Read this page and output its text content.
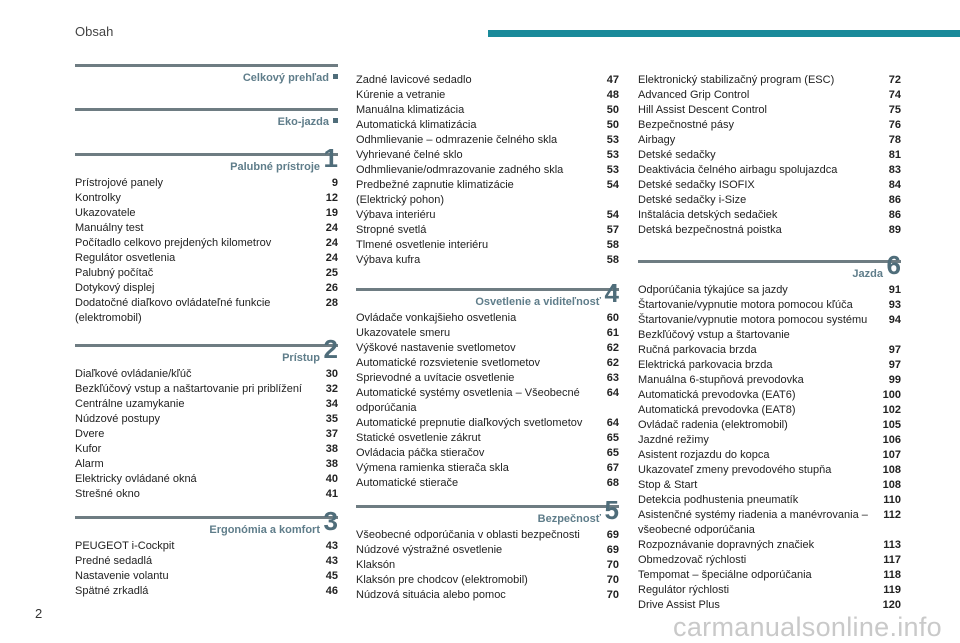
Obsah
Celkový prehľad
Eko-jazda
Palubné prístroje 1
Prístrojové panely	9
Kontrolky	12
Ukazovatele	19
Manuálny test	24
Počítadlo celkovo prejdených kilometrov	24
Regulátor osvetlenia	24
Palubný počítač	25
Dotykový displej	26
Dodatočné diaľkovo ovládateľné funkcie
(elektromobil)
28
Prístup 2
Diaľkové ovládanie/kľúč	30
Bezkľúčový vstup a naštartovanie pri priblížení	32
Centrálne uzamykanie	34
Núdzové postupy	35
Dvere	37
Kufor	38
Alarm	38
Elektricky ovládané okná	40
Strešné okno	41
Ergonómia a komfort 3
PEUGEOT i-Cockpit	43
Predné sedadlá	43
Nastavenie volantu	45
Spätné zrkadlá	46
Zadné lavicové sedadlo	47
Kúrenie a vetranie	48
Manuálna klimatizácia	50
Automatická klimatizácia	50
Odhmlievanie – odmrazenie čelného skla	53
Vyhrievané čelné sklo	53
Odhmlievanie/odmrazovanie zadného skla	53
Predbežné zapnutie klimatizácie
(Elektrický pohon)
54
Výbava interiéru	54
Stropné svetlá	57
Tlmené osvetlenie interiéru	58
Výbava kufra	58
Osvetlenie a viditeľnosť 4
Ovládače vonkajšieho osvetlenia	60
Ukazovatele smeru	61
Výškové nastavenie svetlometov	62
Automatické rozsvietenie svetlometov	62
Sprievodné a uvítacie osvetlenie	63
Automatické systémy osvetlenia – Všeobecné
odporúčania
64
Automatické prepnutie diaľkových svetlometov	64
Statické osvetlenie zákrut	65
Ovládacia páčka stieračov	65
Výmena ramienka stierača skla	67
Automatické stierače	68
Bezpečnosť 5
Všeobecné odporúčania v oblasti bezpečnosti	69
Núdzové výstražné osvetlenie	69
Klaksón	70
Klaksón pre chodcov (elektromobil)	70
Núdzová situácia alebo pomoc	70
Elektronický stabilizačný program (ESC)	72
Advanced Grip Control	74
Hill Assist Descent Control	75
Bezpečnostné pásy	76
Airbagy	78
Detské sedačky	81
Deaktivácia čelného airbagu spolujazdca	83
Detské sedačky ISOFIX	84
Detské sedačky i-Size	86
Inštalácia detských sedačiek	86
Detská bezpečnostná poistka	89
Jazda 6
Odporúčania týkajúce sa jazdy	91
Štartovanie/vypnutie motora pomocou kľúča	93
Štartovanie/vypnutie motora pomocou systému
Bezkľúčový vstup a štartovanie
94
Ručná parkovacia brzda	97
Elektrická parkovacia brzda	97
Manuálna 6-stupňová prevodovka	99
Automatická prevodovka (EAT6)	100
Automatická prevodovka (EAT8)	102
Ovládač radenia (elektromobil)	105
Jazdné režimy	106
Asistent rozjazdu do kopca	107
Ukazovateľ zmeny prevodového stupňa	108
Stop & Start	108
Detekcia podhustenia pneumatík	110
Asistenčné systémy riadenia a manévrovania –
všeobecné odporúčania
112
Rozpoznávanie dopravných značiek	113
Obmedzovač rýchlosti	117
Tempomat – špeciálne odporúčania	118
Regulátor rýchlosti	119
Drive Assist Plus	120
2	carmanualsonline.info
